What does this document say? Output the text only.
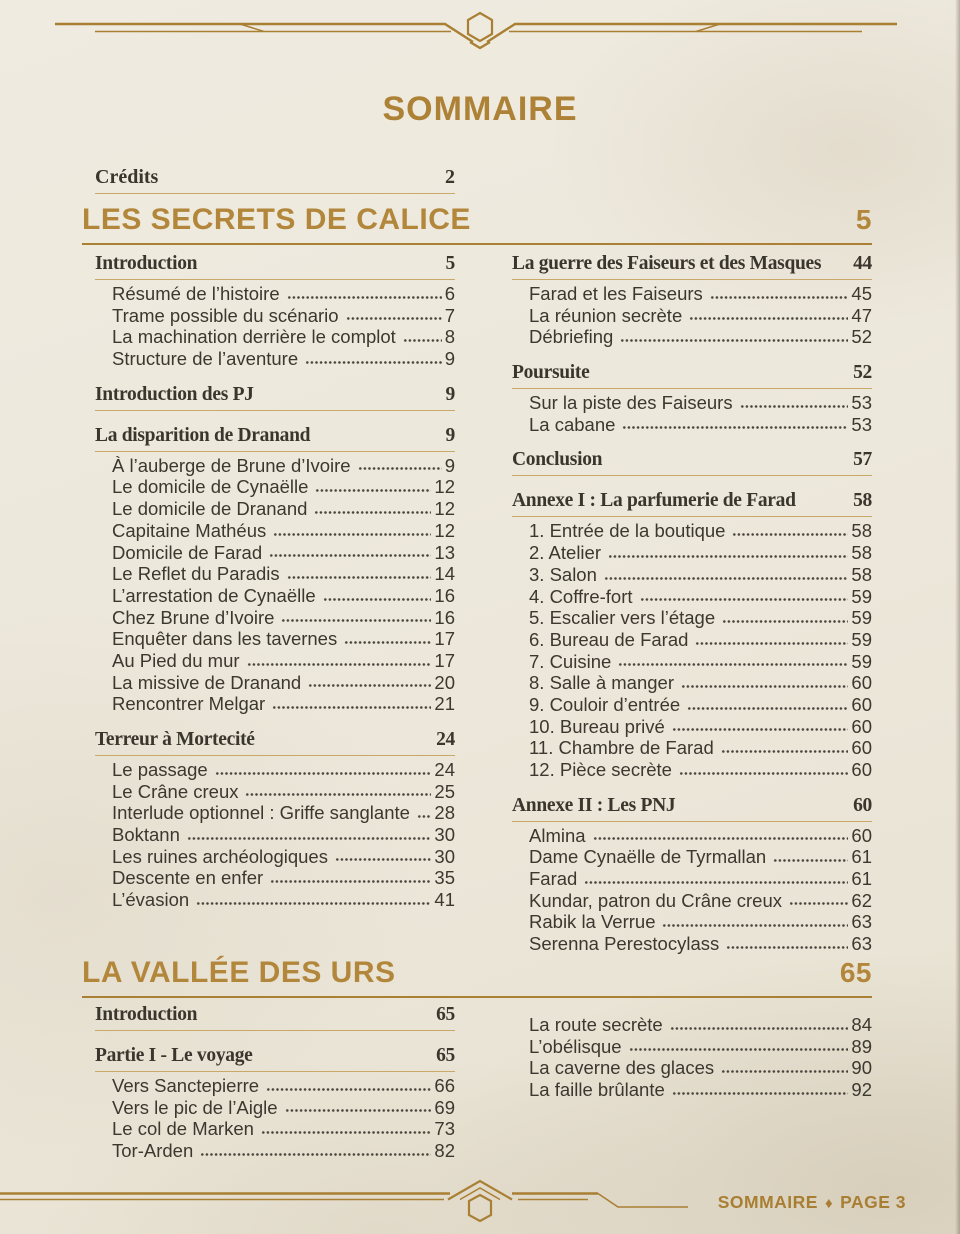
SOMMAIRE
Crédits	2
LES SECRETS DE CALICE	5
LA VALLÉE DES URS	65
Introduction	5
Résumé de l’histoire	6
Trame possible du scénario	7
La machination derrière le complot	8
Structure de l’aventure	9
Introduction des PJ	9
La disparition de Dranand	9
À l’auberge de Brune d’Ivoire	9
Le domicile de Cynaëlle	12
Le domicile de Dranand	12
Capitaine Mathéus	12
Domicile de Farad	13
Le Reflet du Paradis	14
L’arrestation de Cynaëlle	16
Chez Brune d’Ivoire	16
Enquêter dans les tavernes	17
Au Pied du mur	17
La missive de Dranand	20
Rencontrer Melgar	21
Terreur à Mortecité	24
Le passage	24
Le Crâne creux	25
Interlude optionnel : Griffe sanglante 28
Boktann	30
Les ruines archéologiques	30
Descente en enfer	35
L’évasion	41
La guerre des Faiseurs et des Masques 44
Farad et les Faiseurs	45
La réunion secrète	47
Débriefing	52
Poursuite	52
Sur la piste des Faiseurs	53
La cabane	53
Conclusion	57
Annexe I : La parfumerie de Farad	58
1. Entrée de la boutique	58
2. Atelier	58
3. Salon	58
4. Coffre-fort	59
5. Escalier vers l’étage	59
6. Bureau de Farad	59
7. Cuisine	59
8. Salle à manger	60
9. Couloir d’entrée	60
10. Bureau privé	60
11. Chambre de Farad	60
12. Pièce secrète	60
Annexe II : Les PNJ	60
Almina	60
Dame Cynaëlle de Tyrmallan	61
Farad	61
Kundar, patron du Crâne creux	62
Rabik la Verrue	63
Serenna Perestocylass	63
Introduction	65
Partie I - Le voyage	65
Vers Sanctepierre	66
Vers le pic de l’Aigle	69
Le col de Marken	73
Tor-Arden	82
La route secrète	84
L’obélisque	89
La caverne des glaces	90
La faille brûlante	92
SOMMAIRE ♦ PAGE 3
